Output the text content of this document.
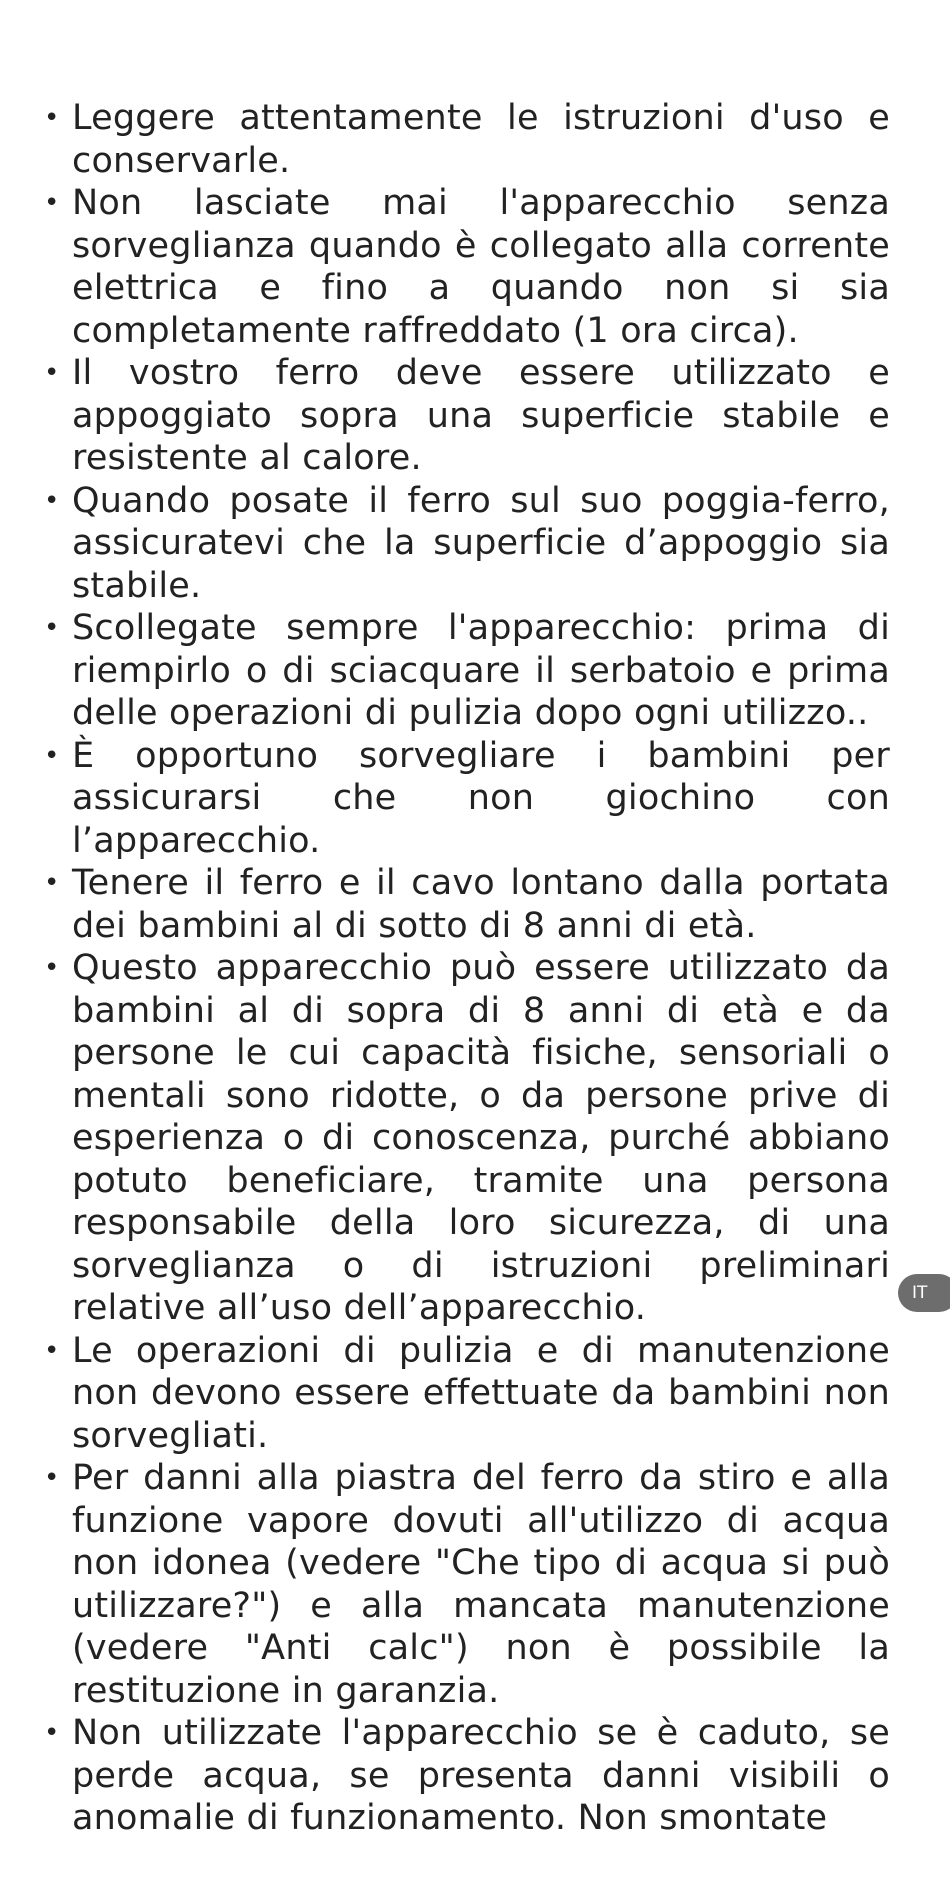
• Leggere attentamente le istruzioni d'uso e conservarle.
• Non lasciate mai l'apparecchio senza sorveglianza quando è collegato alla corrente elettrica e fino a quando non si sia completamente raffreddato (1 ora circa).
• Il vostro ferro deve essere utilizzato e appoggiato sopra una superficie stabile e resistente al calore.
• Quando posate il ferro sul suo poggia-ferro, assicuratevi che la superficie d’appoggio sia stabile.
• Scollegate sempre l'apparecchio: prima di riempirlo o di sciacquare il serbatoio e prima delle operazioni di pulizia dopo ogni utilizzo..
• È opportuno sorvegliare i bambini per assicurarsi che non giochino con l’apparecchio.
• Tenere il ferro e il cavo lontano dalla portata dei bambini al di sotto di 8 anni di età.
• Questo apparecchio può essere utilizzato da bambini al di sopra di 8 anni di età e da persone le cui capacità fisiche, sensoriali o mentali sono ridotte, o da persone prive di esperienza o di conoscenza, purché abbiano potuto beneficiare, tramite una persona responsabile della loro sicurezza, di una sorveglianza o di istruzioni preliminari relative all’uso dell’apparecchio.
• Le operazioni di pulizia e di manutenzione non devono essere effettuate da bambini non sorvegliati.
• Per danni alla piastra del ferro da stiro e alla funzione vapore dovuti all'utilizzo di acqua non idonea (vedere "Che tipo di acqua si può utilizzare?") e alla mancata manutenzione (vedere "Anti calc") non è possibile la restituzione in garanzia.
• Non utilizzate l'apparecchio se è caduto, se perde acqua, se presenta danni visibili o anomalie di funzionamento. Non smontate
IT
